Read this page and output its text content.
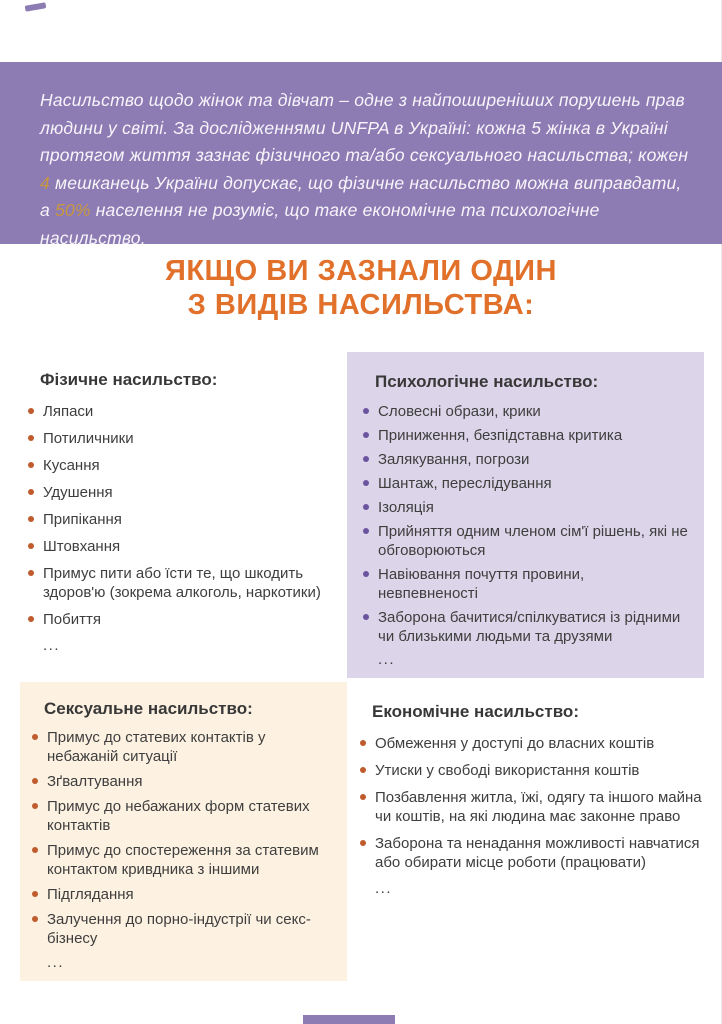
Насильство щодо жінок та дівчат – одне з найпоширеніших порушень прав людини у світі. За дослідженнями UNFPA в Україні: кожна 5 жінка в Україні протягом життя зазнає фізичного та/або сексуального насильства; кожен 4 мешканець України допускає, що фізичне насильство можна виправдати, а 50% населення не розуміє, що таке економічне та психологічне насильство.

ЯКЩО ВИ ЗАЗНАЛИ ОДИН
З ВИДІВ НАСИЛЬСТВА:
Фізичне насильство:
Ляпаси
Потиличники
Кусання
Удушення
Припікання
Штовхання
Примус пити або їсти те, що шкодить здоров'ю (зокрема алкоголь, наркотики)
Побиття
...
Психологічне насильство:
Словесні образи, крики
Приниження, безпідставна критика
Залякування, погрози
Шантаж, переслідування
Ізоляція
Прийняття одним членом сім'ї рішень, які не обговорюються
Навіювання почуття провини, невпевненості
Заборона бачитися/спілкуватися із рідними чи близькими людьми та друзями
...
Сексуальне насильство:
Примус до статевих контактів у небажаній ситуації
Зґвалтування
Примус до небажаних форм статевих контактів
Примус до спостереження за статевим контактом кривдника з іншими
Підглядання
Залучення до порно-індустрії чи секс-бізнесу
...
Економічне насильство:
Обмеження у доступі до власних коштів
Утиски у свободі використання коштів
Позбавлення житла, їжі, одягу та іншого майна чи коштів, на які людина має законне право
Заборона та ненадання можливості навчатися або обирати місце роботи (працювати)
...
